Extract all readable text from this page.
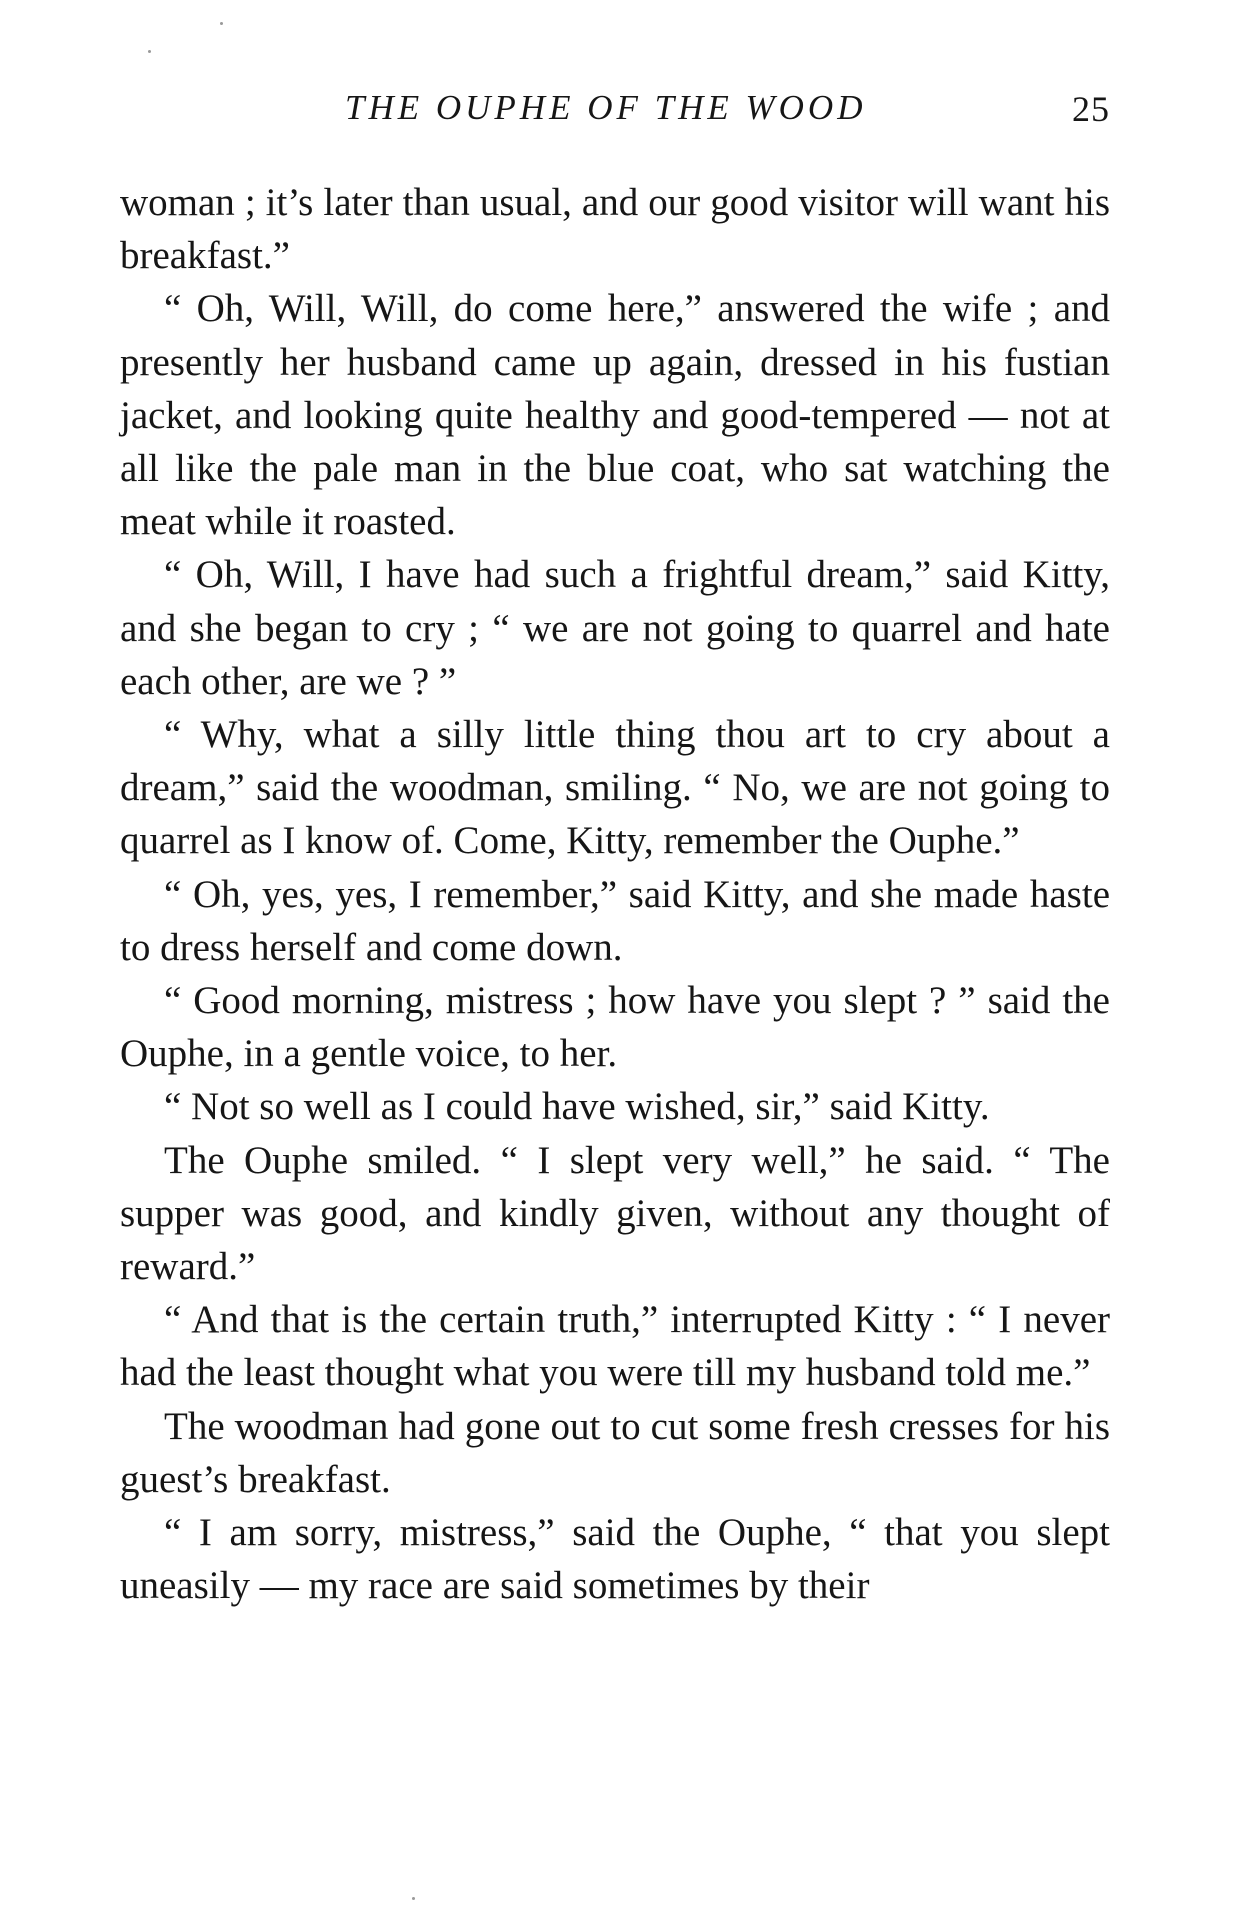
THE OUPHE OF THE WOOD	25

woman ; it’s later than usual, and our good visitor will want his breakfast.”

“ Oh, Will, Will, do come here,” answered the wife ; and presently her husband came up again, dressed in his fustian jacket, and looking quite healthy and good-tempered — not at all like the pale man in the blue coat, who sat watching the meat while it roasted.

“ Oh, Will, I have had such a frightful dream,” said Kitty, and she began to cry ; “ we are not going to quarrel and hate each other, are we ? ”

“ Why, what a silly little thing thou art to cry about a dream,” said the woodman, smiling. “ No, we are not going to quarrel as I know of. Come, Kitty, remember the Ouphe.”

“ Oh, yes, yes, I remember,” said Kitty, and she made haste to dress herself and come down.

“ Good morning, mistress ; how have you slept ? ” said the Ouphe, in a gentle voice, to her.

“ Not so well as I could have wished, sir,” said Kitty.

The Ouphe smiled. “ I slept very well,” he said. “ The supper was good, and kindly given, without any thought of reward.”

“ And that is the certain truth,” interrupted Kitty : “ I never had the least thought what you were till my husband told me.”

The woodman had gone out to cut some fresh cresses for his guest’s breakfast.

“ I am sorry, mistress,” said the Ouphe, “ that you slept uneasily — my race are said sometimes by their
